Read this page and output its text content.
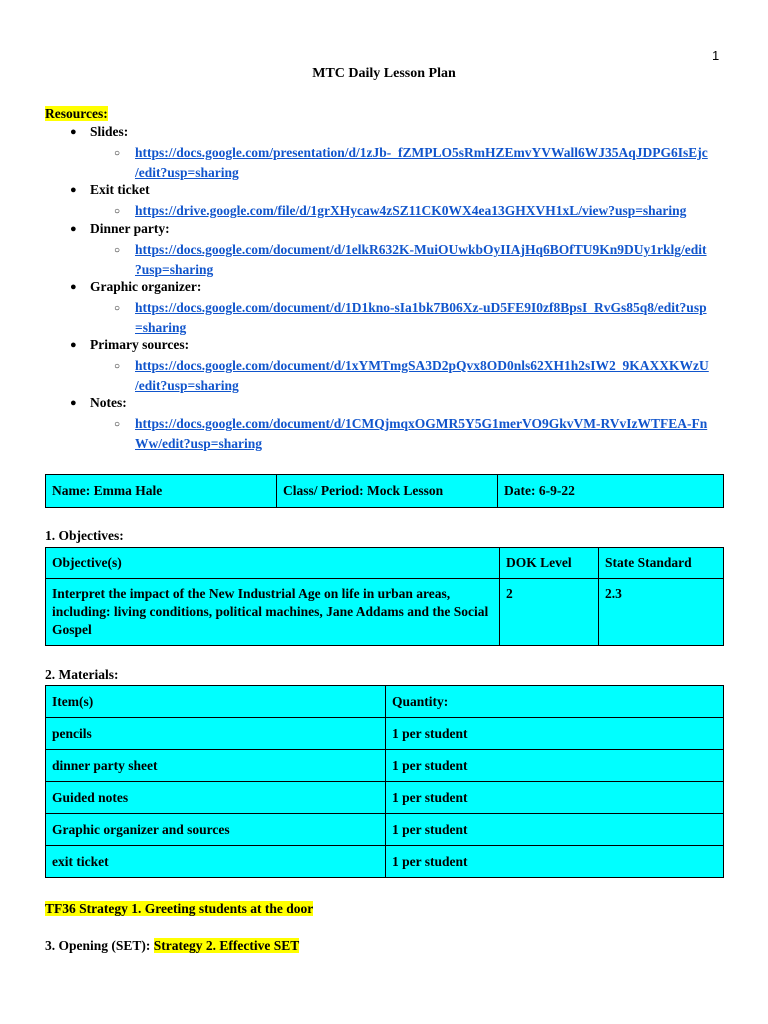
1
MTC Daily Lesson Plan
Resources:
● Slides:
○ https://docs.google.com/presentation/d/1zJb-_fZMPLO5sRmHZEmvYVWall6WJ35AqJDPG6IsEjc
/edit?usp=sharing
● Exit ticket
○ https://drive.google.com/file/d/1grXHycaw4zSZ11CK0WX4ea13GHXVH1xL/view?usp=sharing
● Dinner party:
○ https://docs.google.com/document/d/1elkR632K-MuiOUwkbOyIIAjHq6BOfTU9Kn9DUy1rklg/edit
?usp=sharing
● Graphic organizer:
○ https://docs.google.com/document/d/1D1kno-sIa1bk7B06Xz-uD5FE9I0zf8BpsI_RvGs85q8/edit?usp
=sharing
● Primary sources:
○ https://docs.google.com/document/d/1xYMTmgSA3D2pQvx8OD0nls62XH1h2sIW2_9KAXXKWzU
/edit?usp=sharing
● Notes:
○ https://docs.google.com/document/d/1CMQjmqxOGMR5Y5G1merVO9GkvVM-RVvIzWTFEA-Fn
Ww/edit?usp=sharing
Name: Emma Hale	Class/ Period: Mock Lesson	Date: 6-9-22
1. Objectives:
Objective(s)	DOK Level	State Standard
Interpret the impact of the New Industrial Age on life in urban areas, including: living conditions, political machines, Jane Addams and the Social Gospel	2	2.3
2. Materials:
Item(s)	Quantity:
pencils	1 per student
dinner party sheet	1 per student
Guided notes	1 per student
Graphic organizer and sources	1 per student
exit ticket	1 per student
TF36 Strategy 1. Greeting students at the door
3. Opening (SET): Strategy 2. Effective SET
